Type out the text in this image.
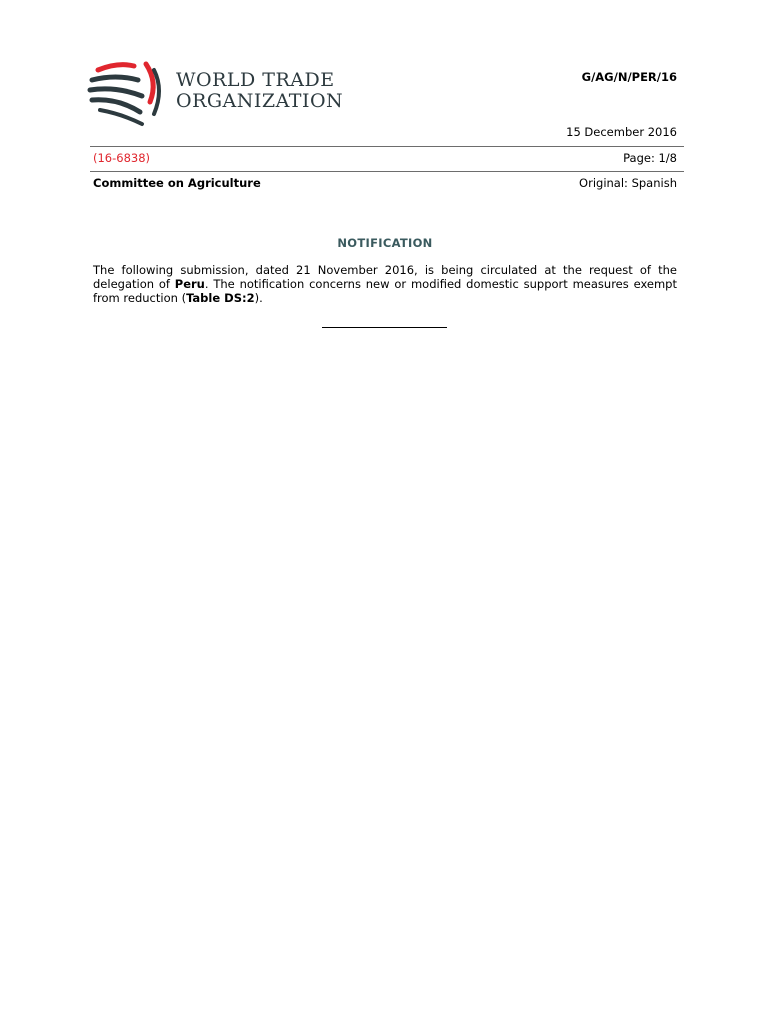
WORLD TRADE
ORGANIZATION
G/AG/N/PER/16
15 December 2016
(16-6838)	Page: 1/8
Committee on Agriculture	Original: Spanish
NOTIFICATION
The following submission, dated 21 November 2016, is being circulated at the request of the delegation of Peru. The notification concerns new or modified domestic support measures exempt from reduction (Table DS:2).
